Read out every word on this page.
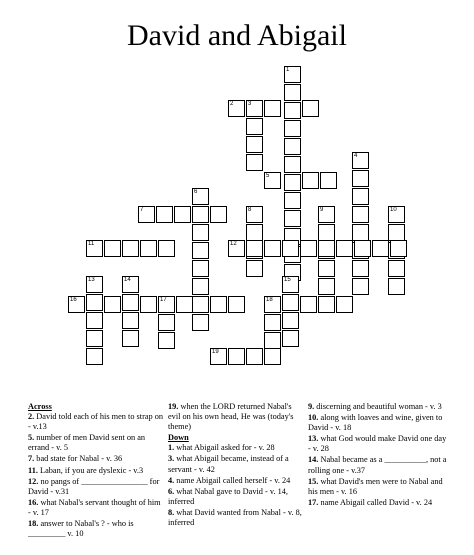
David and Abigail
1
2 3
5
4
7
6
8	9	10
11	12
13	14
16	17
15
18
19
Across
2. David told each of his men to strap on - v.13
5. number of men David sent on an errand - v. 5
7. bad state for Nabal - v. 36
11. Laban, if you are dyslexic - v.3
12. no pangs of ________________ for David - v.31
16. what Nabal's servant thought of him - v. 17
18. answer to Nabal's ? - who is _________ v. 10
19. when the LORD returned Nabal's evil on his own head, He was (today's theme)
Down
1. what Abigail asked for - v. 28
3. what Abigail became, instead of a servant - v. 42
4. name Abigail called herself - v. 24
6. what Nabal gave to David - v. 14, inferred
8. what David wanted from Nabal - v. 8, inferred
9. discerning and beautiful woman - v. 3
10. along with loaves and wine, given to David - v. 18
13. what God would make David one day - v. 28
14. Nabal became as a __________, not a rolling one - v.37
15. what David's men were to Nabal and his men - v. 16
17. name Abigail called David - v. 24
